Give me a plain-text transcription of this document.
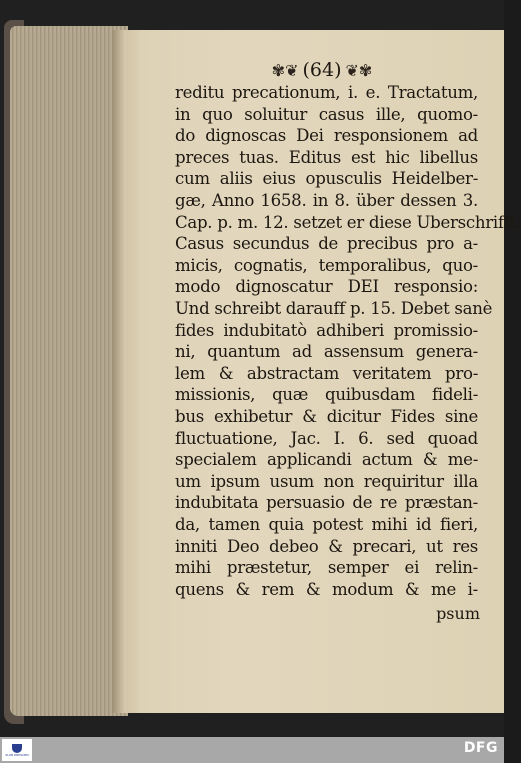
✾❦ (64) ❦✾
reditu precationum, i. e. Tractatum,
in quo soluitur casus ille, quomo-
do dignoscas Dei responsionem ad
preces tuas. Editus est hic libellus
cum aliis eius opusculis Heidelber-
gæ, Anno 1658. in 8. über dessen 3.
Cap. p. m. 12. setzet er diese Uberschrifft:
Casus secundus de precibus pro a-
micis, cognatis, temporalibus, quo-
modo dignoscatur DEI responsio:
Und schreibt darauff p. 15. Debet sanè
fides indubitatò adhiberi promissio-
ni, quantum ad assensum genera-
lem & abstractam veritatem pro-
missionis, quæ quibusdam fideli-
bus exhibetur & dicitur Fides sine
fluctuatione, Jac. I. 6. sed quoad
specialem applicandi actum & me-
um ipsum usum non requiritur illa
indubitata persuasio de re præstan-
da, tamen quia potest mihi id fieri,
inniti Deo debeo & precari, ut res
mihi præstetur, semper ei relin-
quens & rem & modum & me i-
psum
SLUB DRESDEN	DFG
